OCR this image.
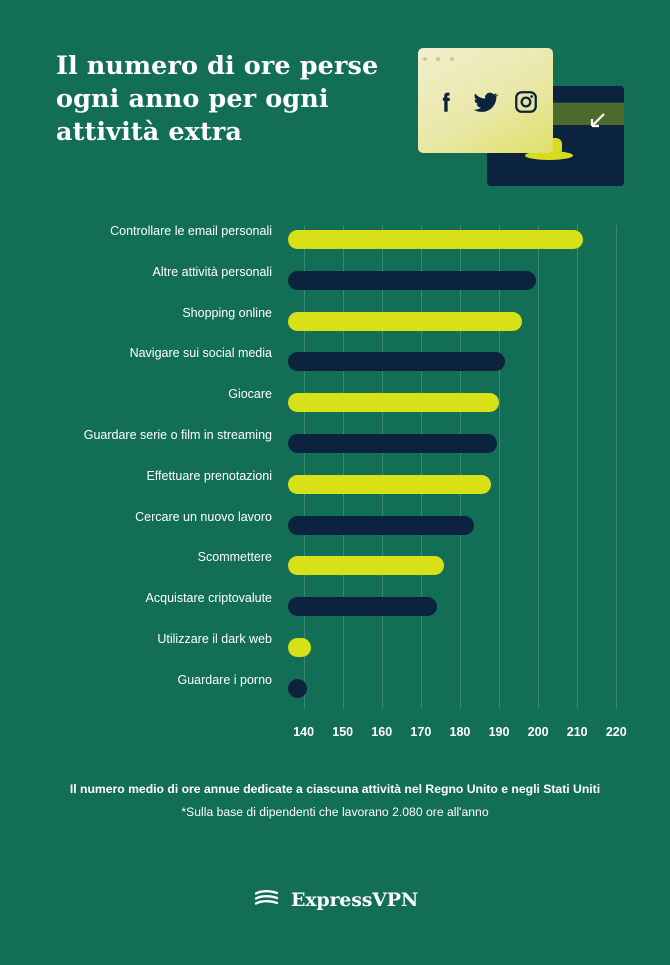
Il numero di ore perse ogni anno per ogni attività extra

Controllare le email personali
Altre attività personali
Shopping online
Navigare sui social media
Giocare
Guardare serie o film in streaming
Effettuare prenotazioni
Cercare un nuovo lavoro
Scommettere
Acquistare criptovalute
Utilizzare il dark web
Guardare i porno
140 150 160 170 180 190 200 210 220
Il numero medio di ore annue dedicate a ciascuna attività nel Regno Unito e negli Stati Uniti
*Sulla base di dipendenti che lavorano 2.080 ore all'anno
ExpressVPN
